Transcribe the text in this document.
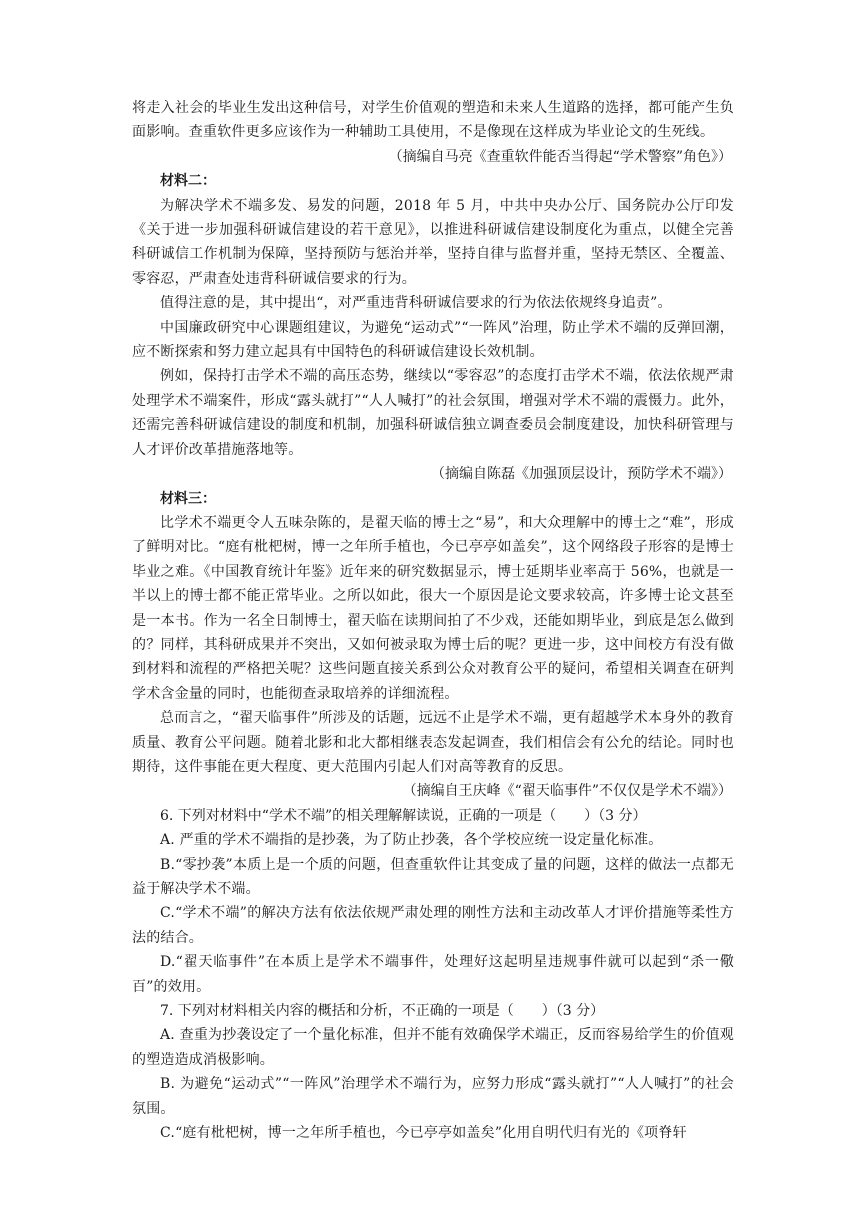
将走入社会的毕业生发出这种信号，对学生价值观的塑造和未来人生道路的选择，都可能产生负面影响。查重软件更多应该作为一种辅助工具使用，不是像现在这样成为毕业论文的生死线。

（摘编自马亮《查重软件能否当得起“学术警察”角色》）

材料二：

为解决学术不端多发、易发的问题，2018 年 5 月，中共中央办公厅、国务院办公厅印发《关于进一步加强科研诚信建设的若干意见》，以推进科研诚信建设制度化为重点，以健全完善科研诚信工作机制为保障，坚持预防与惩治并举，坚持自律与监督并重，坚持无禁区、全覆盖、零容忍，严肃查处违背科研诚信要求的行为。

值得注意的是，其中提出“，对严重违背科研诚信要求的行为依法依规终身追责”。

中国廉政研究中心课题组建议，为避免“运动式”“一阵风”治理，防止学术不端的反弹回潮，应不断探索和努力建立起具有中国特色的科研诚信建设长效机制。

例如，保持打击学术不端的高压态势，继续以“零容忍”的态度打击学术不端，依法依规严肃处理学术不端案件，形成“露头就打”“人人喊打”的社会氛围，增强对学术不端的震慑力。此外，还需完善科研诚信建设的制度和机制，加强科研诚信独立调查委员会制度建设，加快科研管理与人才评价改革措施落地等。

（摘编自陈磊《加强顶层设计，预防学术不端》）

材料三：

比学术不端更令人五味杂陈的，是翟天临的博士之“易”，和大众理解中的博士之“难”，形成了鲜明对比。“庭有枇杷树，博一之年所手植也，今已亭亭如盖矣”，这个网络段子形容的是博士毕业之难。《中国教育统计年鉴》近年来的研究数据显示，博士延期毕业率高于 56%，也就是一半以上的博士都不能正常毕业。之所以如此，很大一个原因是论文要求较高，许多博士论文甚至是一本书。作为一名全日制博士，翟天临在读期间拍了不少戏，还能如期毕业，到底是怎么做到的？同样，其科研成果并不突出，又如何被录取为博士后的呢？更进一步，这中间校方有没有做到材料和流程的严格把关呢？这些问题直接关系到公众对教育公平的疑问，希望相关调查在研判学术含金量的同时，也能彻查录取培养的详细流程。

总而言之，“翟天临事件”所涉及的话题，远远不止是学术不端，更有超越学术本身外的教育质量、教育公平问题。随着北影和北大都相继表态发起调查，我们相信会有公允的结论。同时也期待，这件事能在更大程度、更大范围内引起人们对高等教育的反思。

（摘编自王庆峰《“翟天临事件”不仅仅是学术不端》）

6. 下列对材料中“学术不端”的相关理解解读说，正确的一项是（　　）（3 分）

A. 严重的学术不端指的是抄袭，为了防止抄袭，各个学校应统一设定量化标准。

B.“零抄袭”本质上是一个质的问题，但查重软件让其变成了量的问题，这样的做法一点都无益于解决学术不端。

C.“学术不端”的解决方法有依法依规严肃处理的刚性方法和主动改革人才评价措施等柔性方法的结合。

D.“翟天临事件”在本质上是学术不端事件，处理好这起明星违规事件就可以起到“杀一儆百”的效用。

7. 下列对材料相关内容的概括和分析，不正确的一项是（　　）（3 分）

A. 查重为抄袭设定了一个量化标准，但并不能有效确保学术端正，反而容易给学生的价值观的塑造造成消极影响。

B. 为避免“运动式”“一阵风”治理学术不端行为，应努力形成“露头就打”“人人喊打”的社会氛围。

C.“庭有枇杷树，博一之年所手植也，今已亭亭如盖矣”化用自明代归有光的《项脊轩
